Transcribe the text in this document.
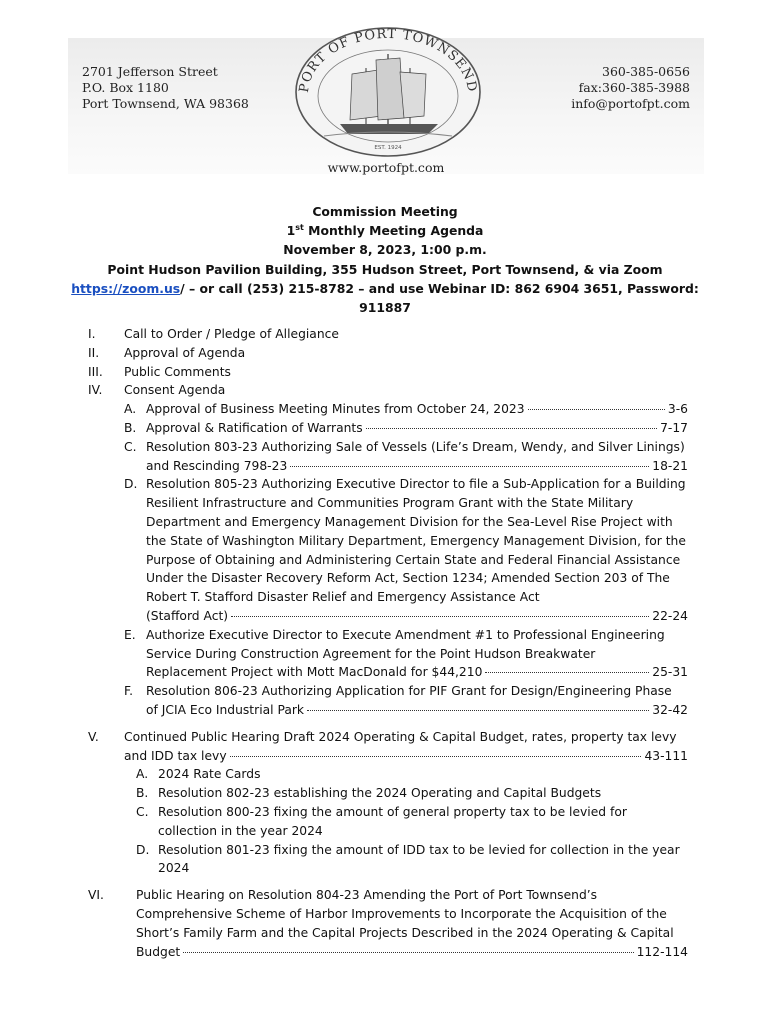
2701 Jefferson Street
P.O. Box 1180
Port Townsend, WA 98368
PORT OF PORT TOWNSEND
EST. 1924
360-385-0656
fax:360-385-3988
info@portofpt.com
www.portofpt.com
Commission Meeting
1st Monthly Meeting Agenda
November 8, 2023, 1:00 p.m.
Point Hudson Pavilion Building, 355 Hudson Street, Port Townsend, & via Zoom
https://zoom.us/ – or call (253) 215-8782 – and use Webinar ID: 862 6904 3651, Password:
911887
I. Call to Order / Pledge of Allegiance
II. Approval of Agenda
III. Public Comments
IV. Consent Agenda
A. Approval of Business Meeting Minutes from October 24, 2023	3-6
B. Approval & Ratification of Warrants	7-17
C. Resolution 803-23 Authorizing Sale of Vessels (Life’s Dream, Wendy, and Silver Linings)
and Rescinding 798-23	18-21
D. Resolution 805-23 Authorizing Executive Director to file a Sub-Application for a Building Resilient Infrastructure and Communities Program Grant with the State Military Department and Emergency Management Division for the Sea-Level Rise Project with the State of Washington Military Department, Emergency Management Division, for the Purpose of Obtaining and Administering Certain State and Federal Financial Assistance Under the Disaster Recovery Reform Act, Section 1234; Amended Section 203 of The Robert T. Stafford Disaster Relief and Emergency Assistance Act
(Stafford Act)	22-24
E. Authorize Executive Director to Execute Amendment #1 to Professional Engineering Service During Construction Agreement for the Point Hudson Breakwater
Replacement Project with Mott MacDonald for $44,210	25-31
F. Resolution 806-23 Authorizing Application for PIF Grant for Design/Engineering Phase
of JCIA Eco Industrial Park	32-42
V. Continued Public Hearing Draft 2024 Operating & Capital Budget, rates, property tax levy
and IDD tax levy	43-111
A. 2024 Rate Cards
B. Resolution 802-23 establishing the 2024 Operating and Capital Budgets
C. Resolution 800-23 fixing the amount of general property tax to be levied for collection in the year 2024
D. Resolution 801-23 fixing the amount of IDD tax to be levied for collection in the year 2024
VI.	Public Hearing on Resolution 804-23 Amending the Port of Port Townsend’s Comprehensive Scheme of Harbor Improvements to Incorporate the Acquisition of the Short’s Family Farm and the Capital Projects Described in the 2024 Operating & Capital
Budget	112-114
